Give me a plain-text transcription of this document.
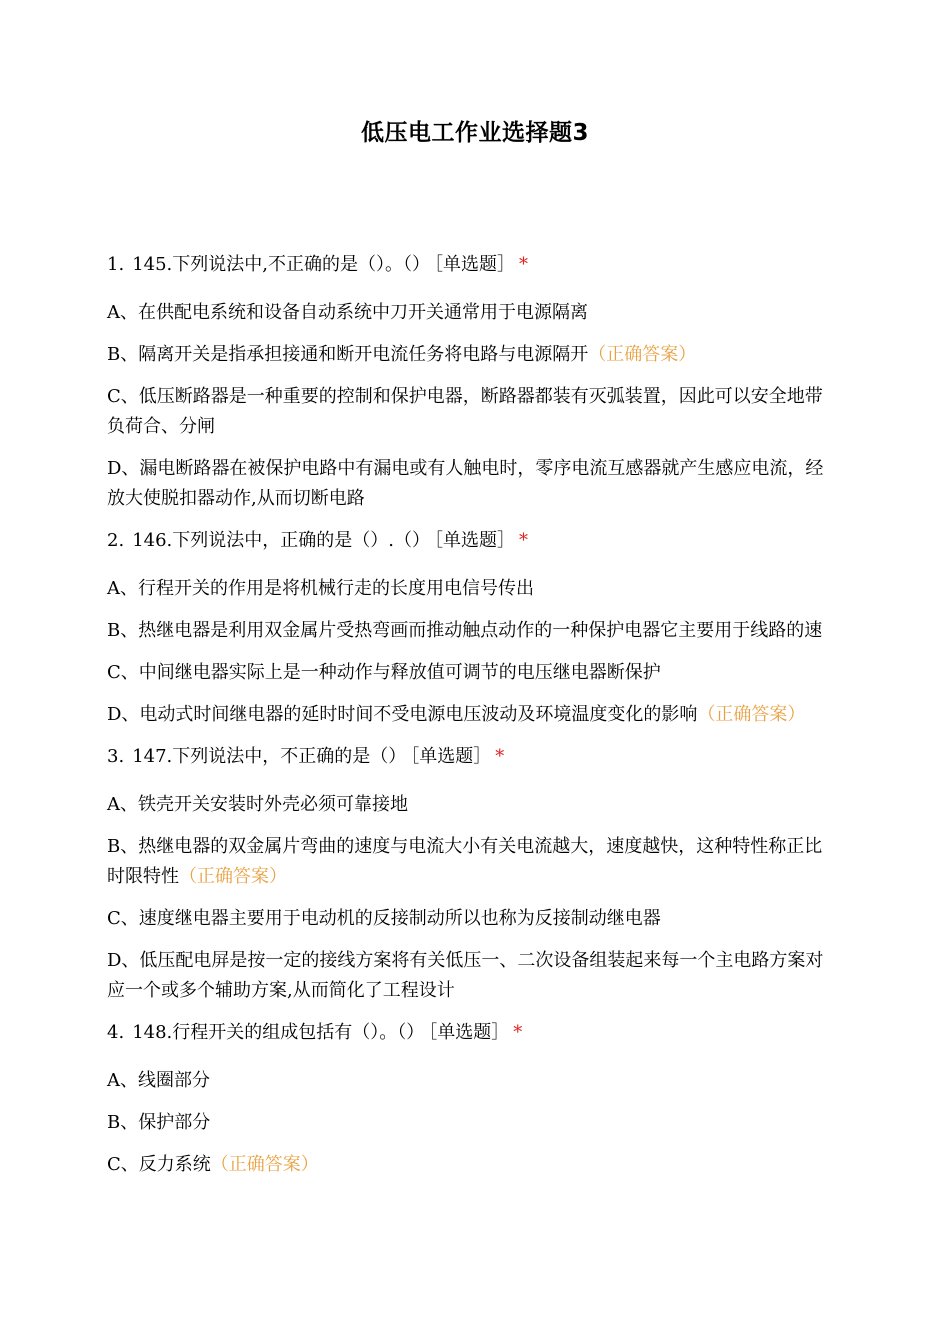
低压电工作业选择题3

1. 145.下列说法中,不正确的是（）。（） ［单选题］ *

A、在供配电系统和设备自动系统中刀开关通常用于电源隔离

B、隔离开关是指承担接通和断开电流任务将电路与电源隔开（正确答案）

C、低压断路器是一种重要的控制和保护电器，断路器都装有灭弧装置，因此可以安全地带负荷合、分闸

D、漏电断路器在被保护电路中有漏电或有人触电时，零序电流互感器就产生感应电流，经放大使脱扣器动作,从而切断电路

2. 146.下列说法中，正确的是（）.（） ［单选题］ *

A、行程开关的作用是将机械行走的长度用电信号传出

B、热继电器是利用双金属片受热弯画而推动触点动作的一种保护电器它主要用于线路的速

C、中间继电器实际上是一种动作与释放值可调节的电压继电器断保护

D、电动式时间继电器的延时时间不受电源电压波动及环境温度变化的影响（正确答案）

3. 147.下列说法中，不正确的是（） ［单选题］ *

A、铁壳开关安装时外壳必须可靠接地

B、热继电器的双金属片弯曲的速度与电流大小有关电流越大，速度越快，这种特性称正比时限特性（正确答案）

C、速度继电器主要用于电动机的反接制动所以也称为反接制动继电器

D、低压配电屏是按一定的接线方案将有关低压一、二次设备组装起来每一个主电路方案对应一个或多个辅助方案,从而简化了工程设计

4. 148.行程开关的组成包括有（）。（） ［单选题］ *

A、线圈部分

B、保护部分

C、反力系统（正确答案）
